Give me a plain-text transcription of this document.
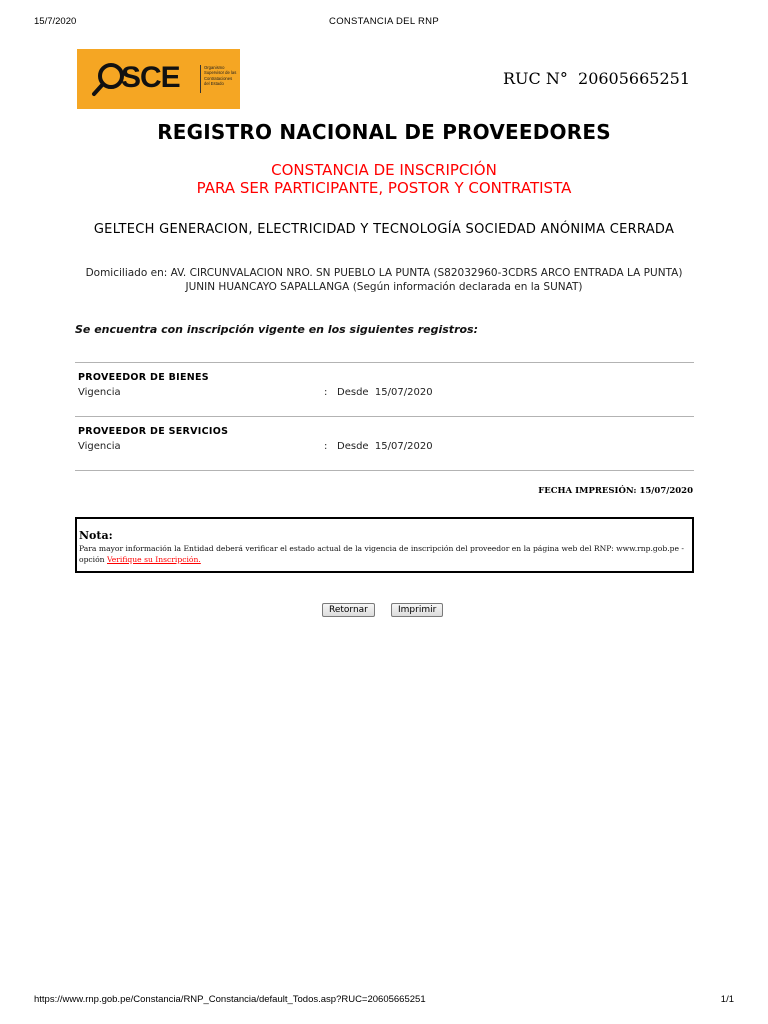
15/7/2020	CONSTANCIA DEL RNP
SCE	Organismo
Supervisor de las
Contrataciones
del Estado	RUC N° 20605665251
REGISTRO NACIONAL DE PROVEEDORES
CONSTANCIA DE INSCRIPCIÓN
PARA SER PARTICIPANTE, POSTOR Y CONTRATISTA
GELTECH GENERACION, ELECTRICIDAD Y TECNOLOGÍA SOCIEDAD ANÓNIMA CERRADA
Domiciliado en: AV. CIRCUNVALACION NRO. SN PUEBLO LA PUNTA (S82032960-3CDRS ARCO ENTRADA LA PUNTA) JUNIN HUANCAYO SAPALLANGA (Según información declarada en la SUNAT)
Se encuentra con inscripción vigente en los siguientes registros:
PROVEEDOR DE BIENES
Vigencia	: Desde  15/07/2020
PROVEEDOR DE SERVICIOS
Vigencia	: Desde  15/07/2020
FECHA IMPRESIÓN: 15/07/2020
Nota:
Para mayor información la Entidad deberá verificar el estado actual de la vigencia de inscripción del proveedor en la página web del RNP: www.rnp.gob.pe - opción Verifique su Inscripción.
Retornar	Imprimir
https://www.rnp.gob.pe/Constancia/RNP_Constancia/default_Todos.asp?RUC=20605665251	1/1
